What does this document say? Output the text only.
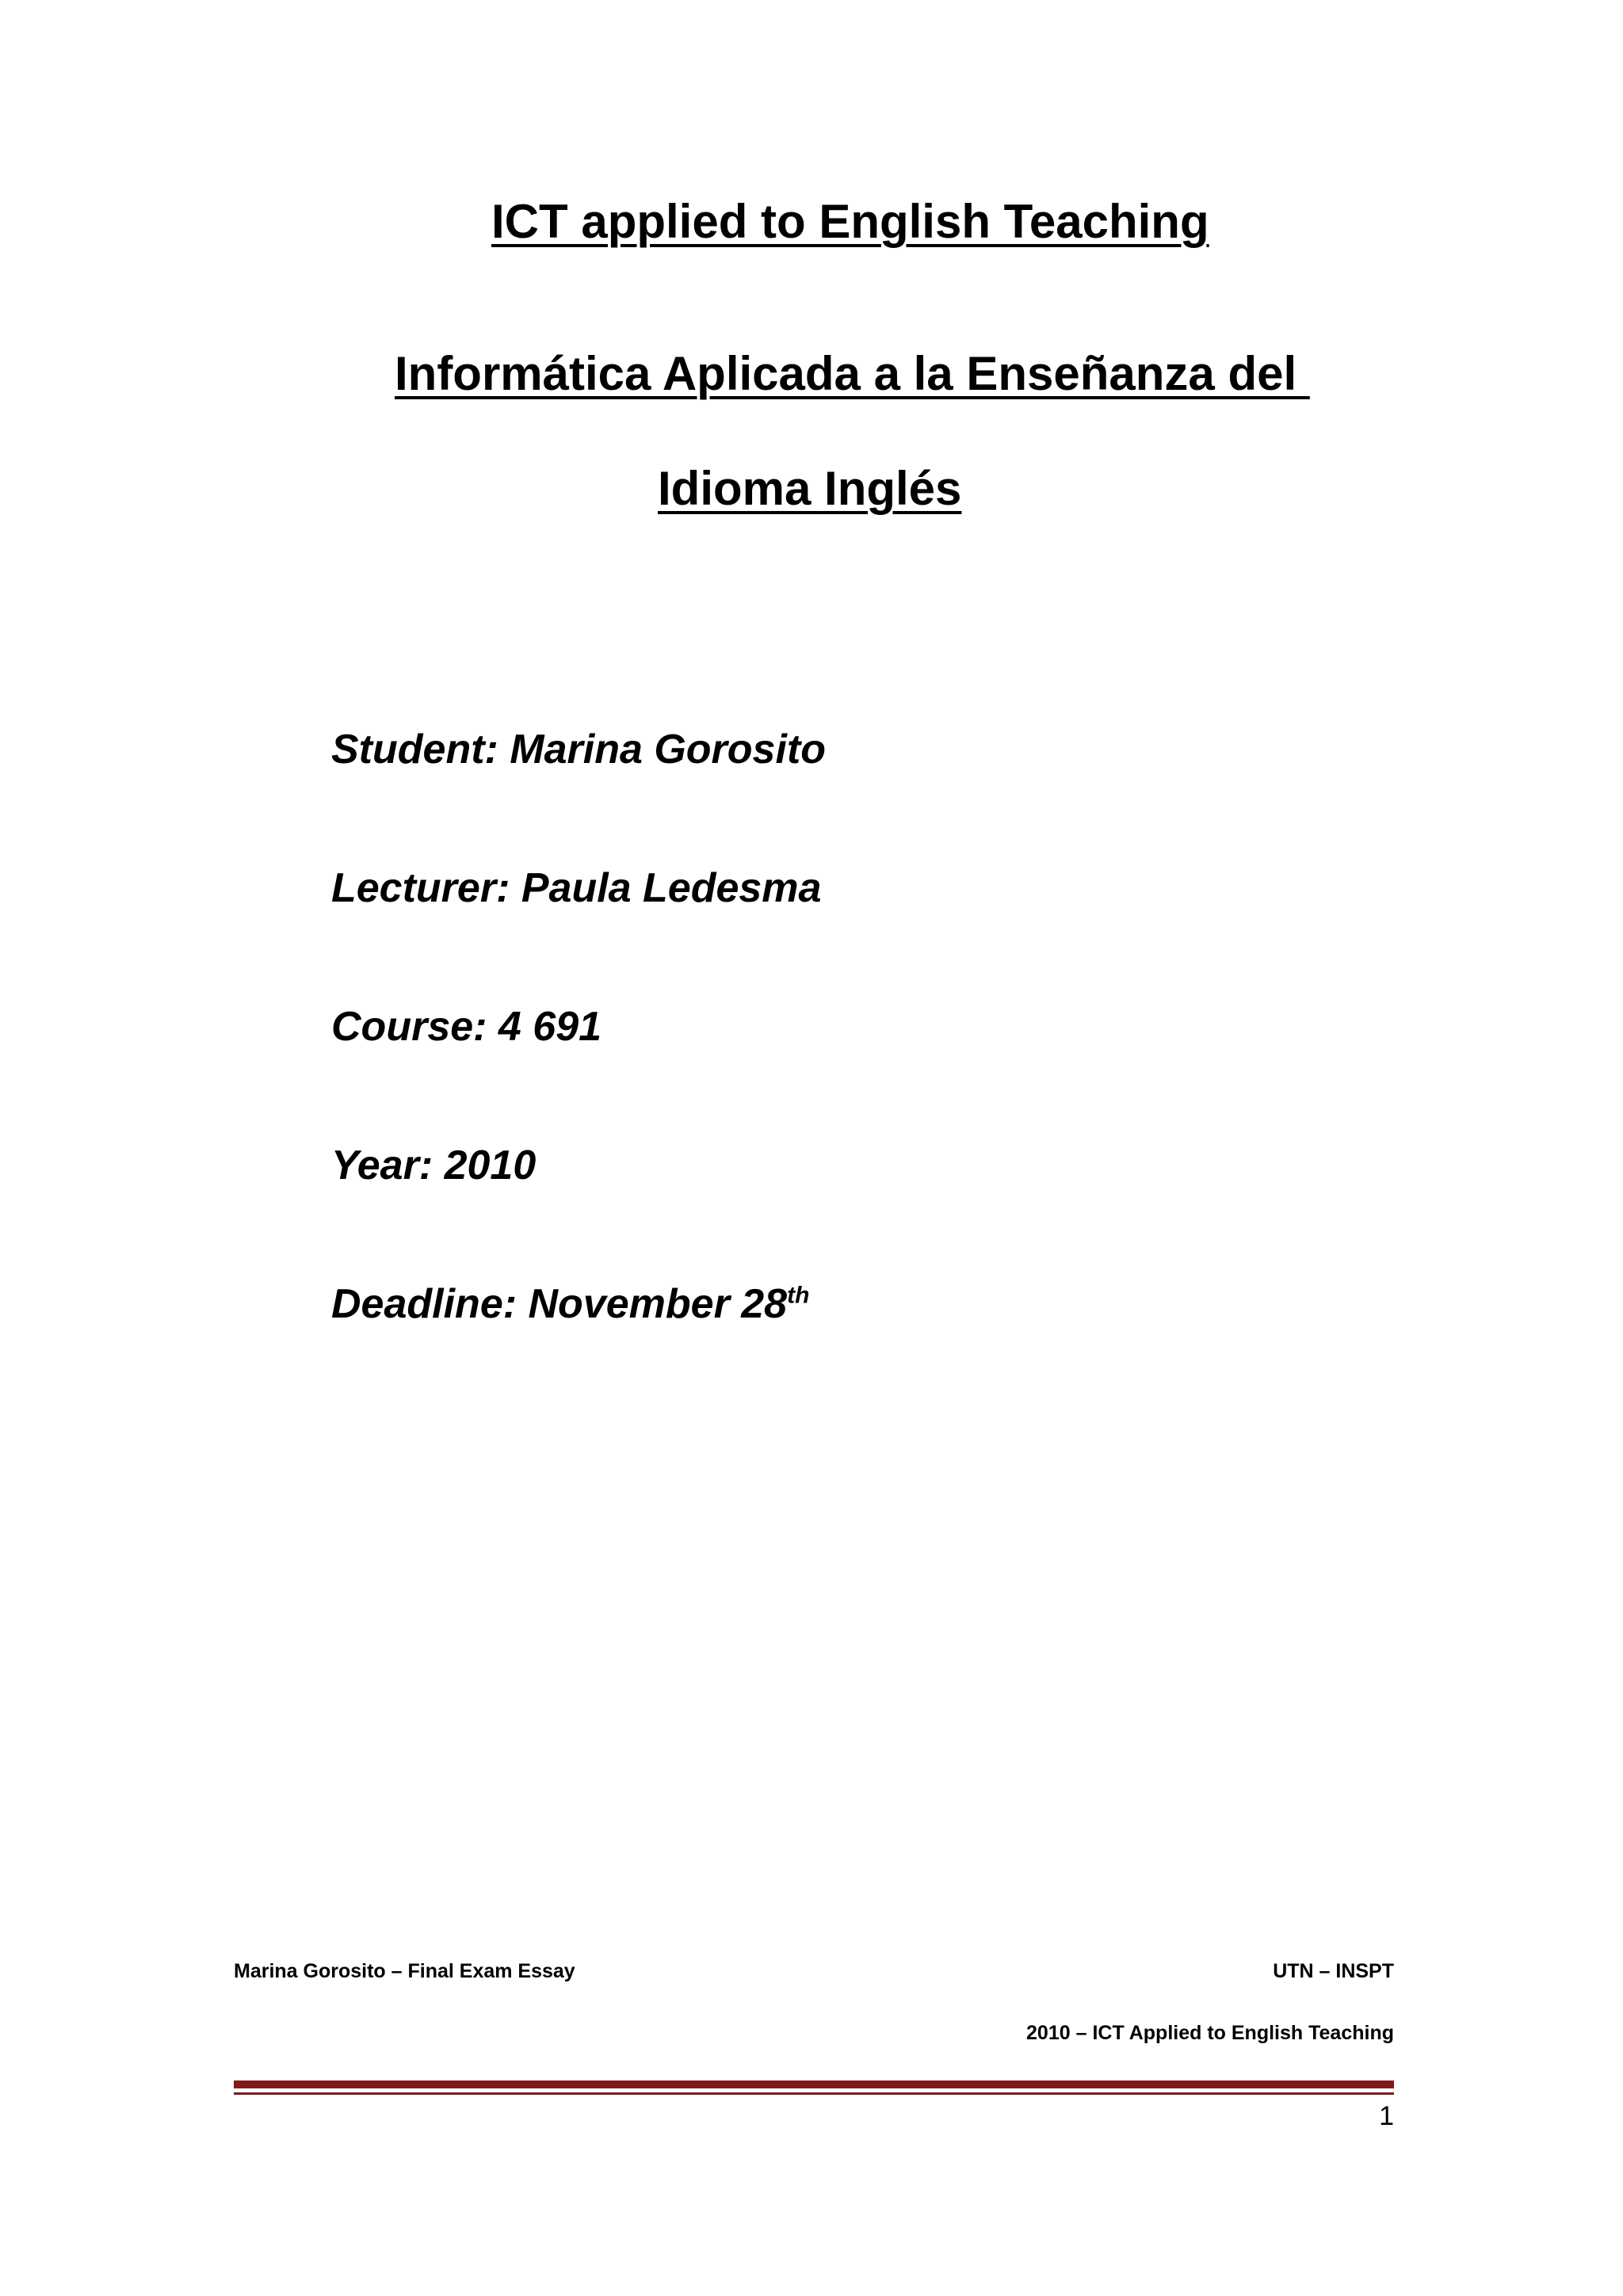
ICT applied to English Teaching
Informática Aplicada a la Enseñanza del
Idioma Inglés

Student: Marina Gorosito

Lecturer: Paula Ledesma

Course: 4 691

Year: 2010

Deadline: November 28th

Marina Gorosito – Final Exam Essay	UTN – INSPT

2010 – ICT Applied to English Teaching

1
